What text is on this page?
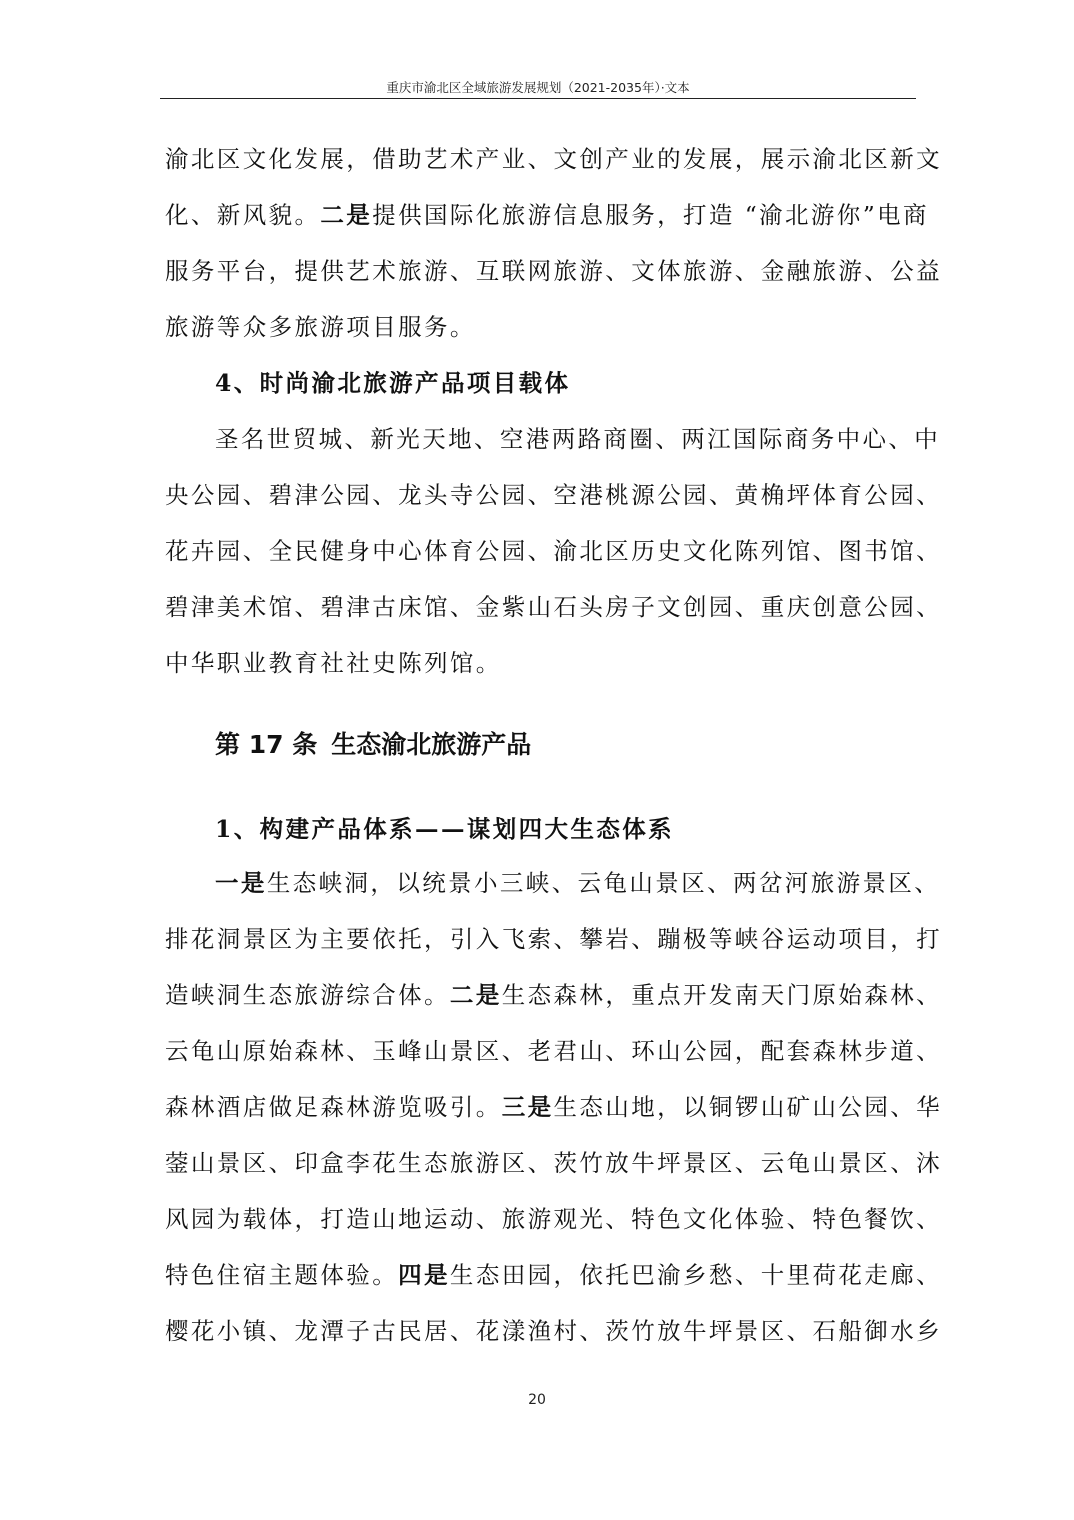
重庆市渝北区全域旅游发展规划（2021-2035年）·文本
渝北区文化发展，借助艺术产业、文创产业的发展，展示渝北区新文
化、新风貌。二是提供国际化旅游信息服务，打造 “渝北游你”电商
服务平台，提供艺术旅游、互联网旅游、文体旅游、金融旅游、公益
旅游等众多旅游项目服务。
4、时尚渝北旅游产品项目载体
圣名世贸城、新光天地、空港两路商圈、两江国际商务中心、中
央公园、碧津公园、龙头寺公园、空港桃源公园、黄桷坪体育公园、
花卉园、全民健身中心体育公园、渝北区历史文化陈列馆、图书馆、
碧津美术馆、碧津古床馆、金紫山石头房子文创园、重庆创意公园、
中华职业教育社社史陈列馆。
第 17 条 生态渝北旅游产品
1、构建产品体系——谋划四大生态体系
一是生态峡洞，以统景小三峡、云龟山景区、两岔河旅游景区、
排花洞景区为主要依托，引入飞索、攀岩、蹦极等峡谷运动项目，打
造峡洞生态旅游综合体。二是生态森林，重点开发南天门原始森林、
云龟山原始森林、玉峰山景区、老君山、环山公园，配套森林步道、
森林酒店做足森林游览吸引。三是生态山地，以铜锣山矿山公园、华
蓥山景区、印盒李花生态旅游区、茨竹放牛坪景区、云龟山景区、沐
风园为载体，打造山地运动、旅游观光、特色文化体验、特色餐饮、
特色住宿主题体验。四是生态田园，依托巴渝乡愁、十里荷花走廊、
樱花小镇、龙潭子古民居、花漾渔村、茨竹放牛坪景区、石船御水乡
20
